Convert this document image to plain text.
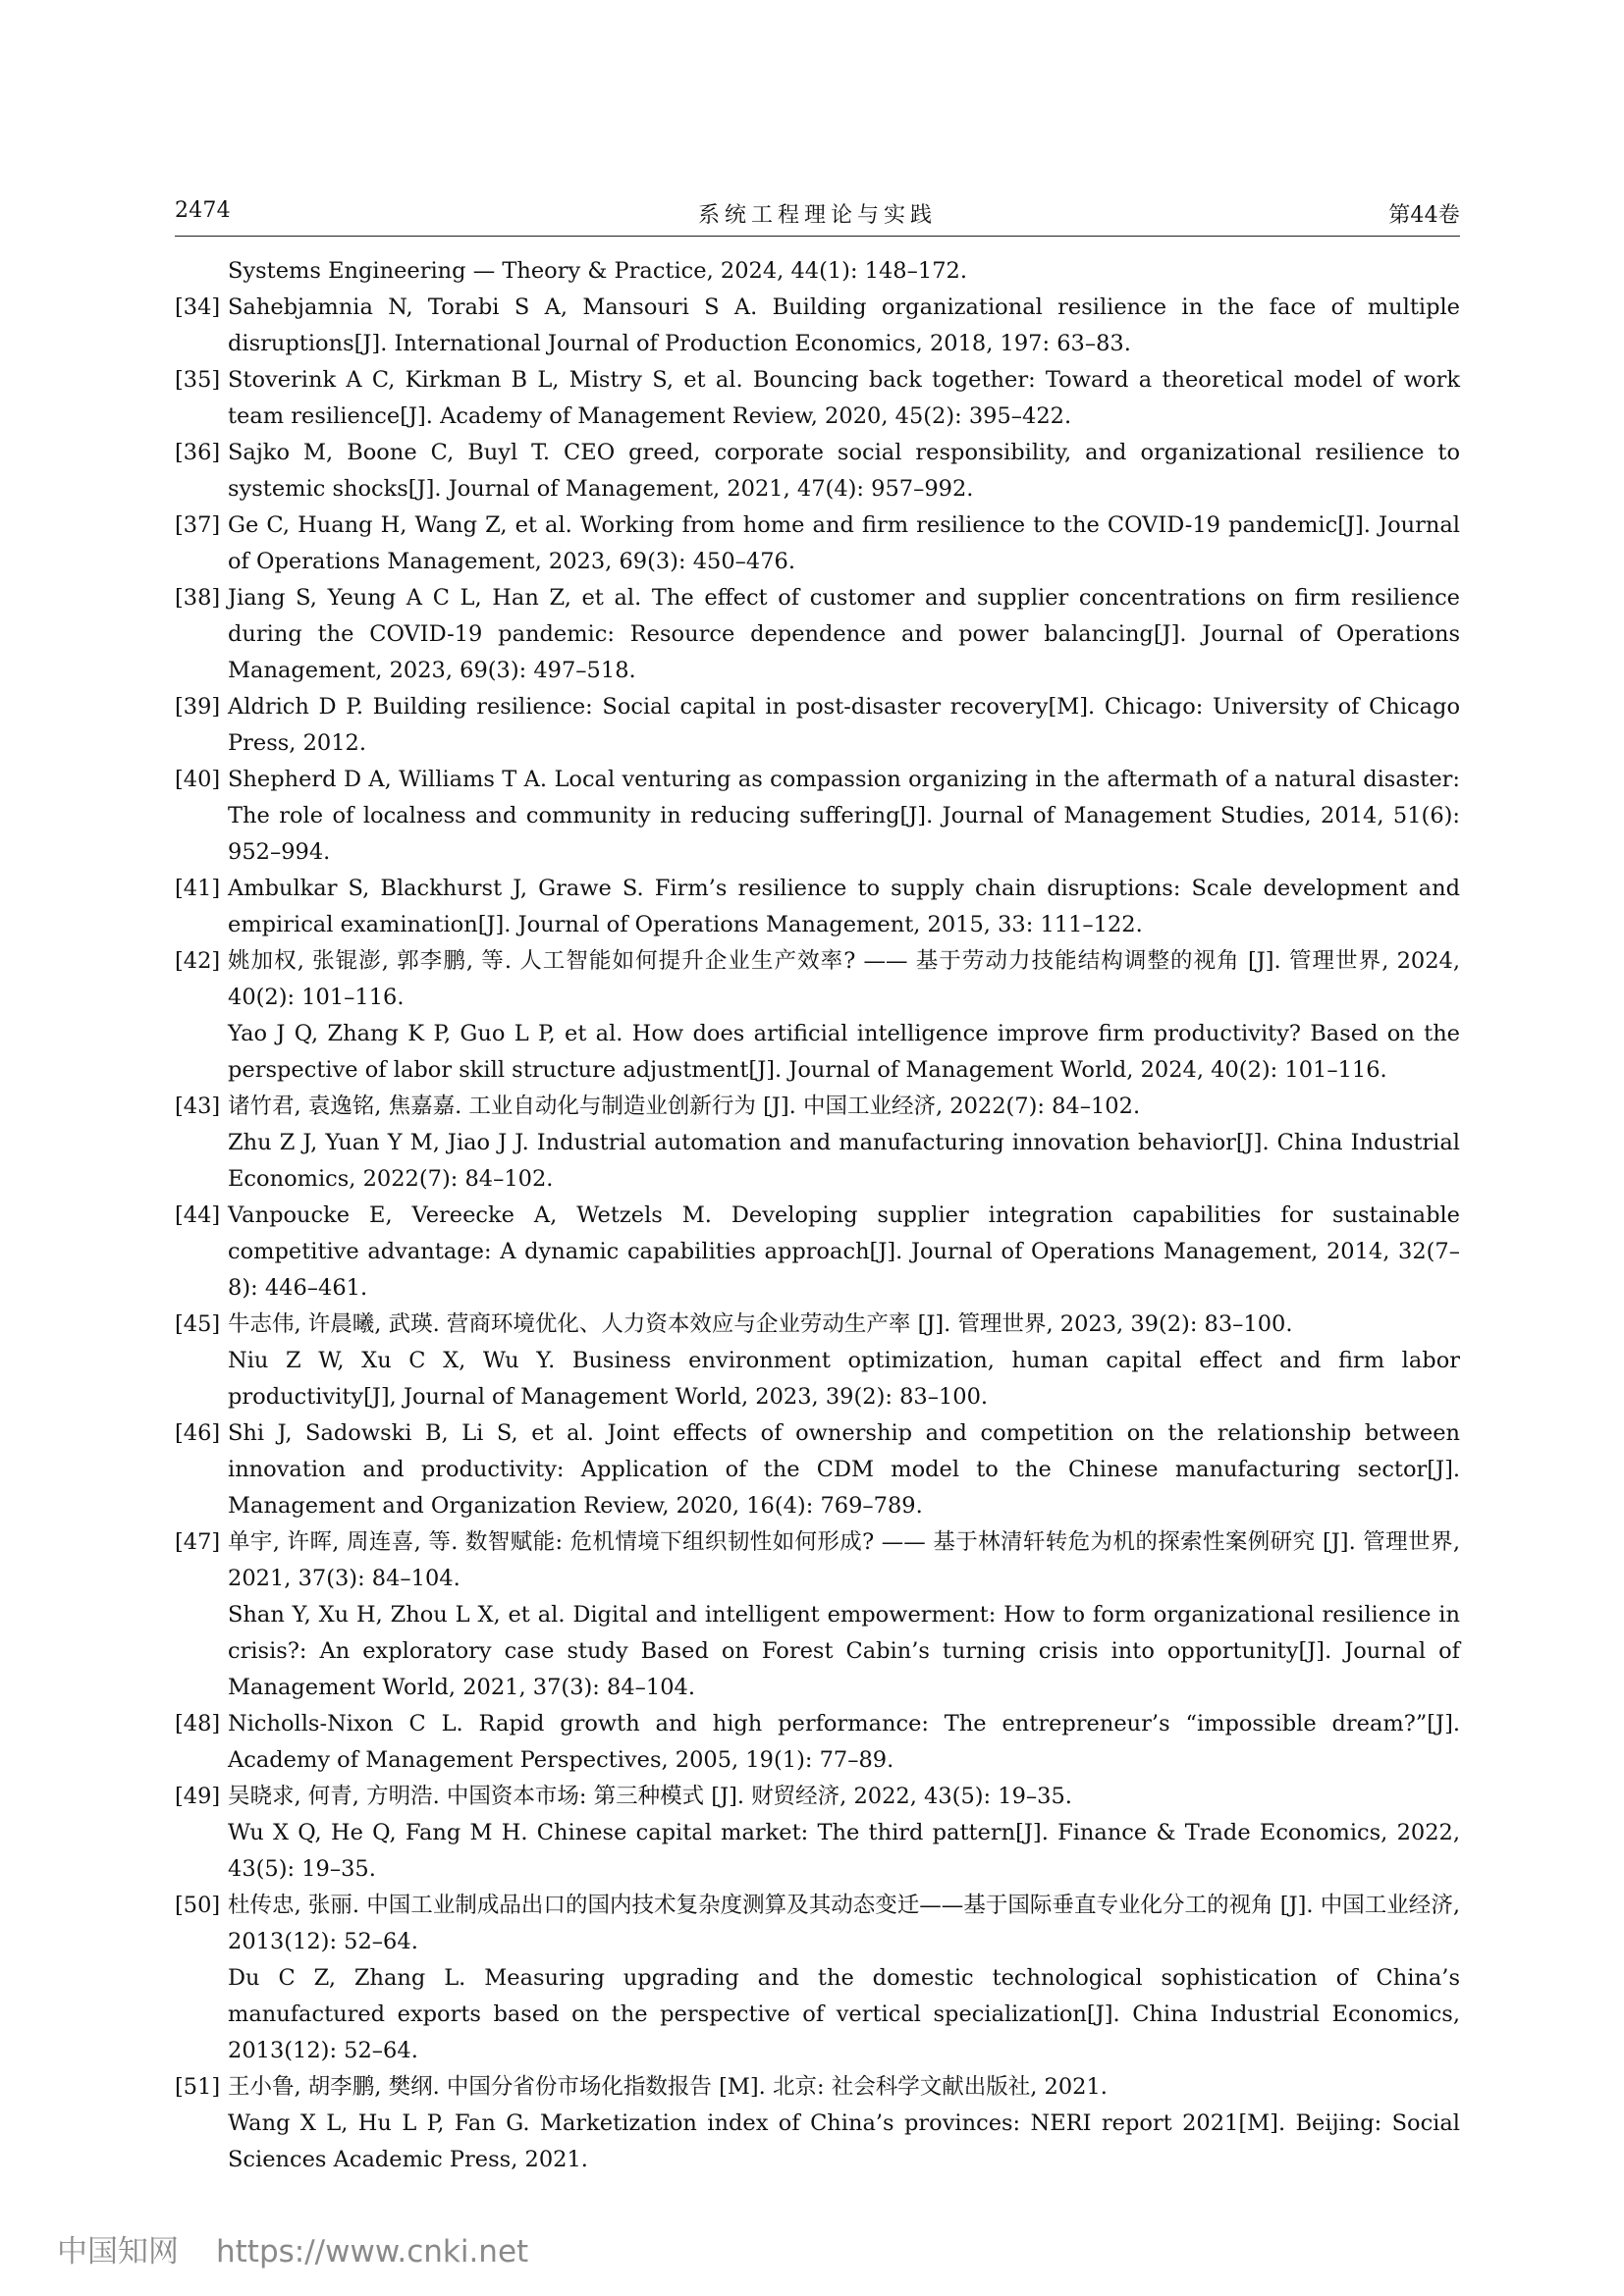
2474	系统工程理论与实践	第44卷
Systems Engineering — Theory & Practice, 2024, 44(1): 148–172.
[34] Sahebjamnia N, Torabi S A, Mansouri S A. Building organizational resilience in the face of multiple disruptions[J]. International Journal of Production Economics, 2018, 197: 63–83.
[35] Stoverink A C, Kirkman B L, Mistry S, et al. Bouncing back together: Toward a theoretical model of work team resilience[J]. Academy of Management Review, 2020, 45(2): 395–422.
[36] Sajko M, Boone C, Buyl T. CEO greed, corporate social responsibility, and organizational resilience to systemic shocks[J]. Journal of Management, 2021, 47(4): 957–992.
[37] Ge C, Huang H, Wang Z, et al. Working from home and firm resilience to the COVID-19 pandemic[J]. Journal of Operations Management, 2023, 69(3): 450–476.
[38] Jiang S, Yeung A C L, Han Z, et al. The effect of customer and supplier concentrations on firm resilience during the COVID-19 pandemic: Resource dependence and power balancing[J]. Journal of Operations Management, 2023, 69(3): 497–518.
[39] Aldrich D P. Building resilience: Social capital in post-disaster recovery[M]. Chicago: University of Chicago Press, 2012.
[40] Shepherd D A, Williams T A. Local venturing as compassion organizing in the aftermath of a natural disaster: The role of localness and community in reducing suffering[J]. Journal of Management Studies, 2014, 51(6): 952–994.
[41] Ambulkar S, Blackhurst J, Grawe S. Firm’s resilience to supply chain disruptions: Scale development and empirical examination[J]. Journal of Operations Management, 2015, 33: 111–122.
[42] 姚加权, 张锟澎, 郭李鹏, 等. 人工智能如何提升企业生产效率? —— 基于劳动力技能结构调整的视角 [J]. 管理世界, 2024, 40(2): 101–116.
Yao J Q, Zhang K P, Guo L P, et al. How does artificial intelligence improve firm productivity? Based on the perspective of labor skill structure adjustment[J]. Journal of Management World, 2024, 40(2): 101–116.
[43] 诸竹君, 袁逸铭, 焦嘉嘉. 工业自动化与制造业创新行为 [J]. 中国工业经济, 2022(7): 84–102.
Zhu Z J, Yuan Y M, Jiao J J. Industrial automation and manufacturing innovation behavior[J]. China Industrial Economics, 2022(7): 84–102.
[44] Vanpoucke E, Vereecke A, Wetzels M. Developing supplier integration capabilities for sustainable competitive advantage: A dynamic capabilities approach[J]. Journal of Operations Management, 2014, 32(7–8): 446–461.
[45] 牛志伟, 许晨曦, 武瑛. 营商环境优化、人力资本效应与企业劳动生产率 [J]. 管理世界, 2023, 39(2): 83–100.
Niu Z W, Xu C X, Wu Y. Business environment optimization, human capital effect and firm labor productivity[J], Journal of Management World, 2023, 39(2): 83–100.
[46] Shi J, Sadowski B, Li S, et al. Joint effects of ownership and competition on the relationship between innovation and productivity: Application of the CDM model to the Chinese manufacturing sector[J]. Management and Organization Review, 2020, 16(4): 769–789.
[47] 单宇, 许晖, 周连喜, 等. 数智赋能: 危机情境下组织韧性如何形成? —— 基于林清轩转危为机的探索性案例研究 [J]. 管理世界, 2021, 37(3): 84–104.
Shan Y, Xu H, Zhou L X, et al. Digital and intelligent empowerment: How to form organizational resilience in crisis?: An exploratory case study Based on Forest Cabin’s turning crisis into opportunity[J]. Journal of Management World, 2021, 37(3): 84–104.
[48] Nicholls-Nixon C L. Rapid growth and high performance: The entrepreneur’s “impossible dream?”[J]. Academy of Management Perspectives, 2005, 19(1): 77–89.
[49] 吴晓求, 何青, 方明浩. 中国资本市场: 第三种模式 [J]. 财贸经济, 2022, 43(5): 19–35.
Wu X Q, He Q, Fang M H. Chinese capital market: The third pattern[J]. Finance & Trade Economics, 2022, 43(5): 19–35.
[50] 杜传忠, 张丽. 中国工业制成品出口的国内技术复杂度测算及其动态变迁——基于国际垂直专业化分工的视角 [J]. 中国工业经济, 2013(12): 52–64.
Du C Z, Zhang L. Measuring upgrading and the domestic technological sophistication of China’s manufactured exports based on the perspective of vertical specialization[J]. China Industrial Economics, 2013(12): 52–64.
[51] 王小鲁, 胡李鹏, 樊纲. 中国分省份市场化指数报告 [M]. 北京: 社会科学文献出版社, 2021.
Wang X L, Hu L P, Fan G. Marketization index of China’s provinces: NERI report 2021[M]. Beijing: Social Sciences Academic Press, 2021.
中国知网 https://www.cnki.net
